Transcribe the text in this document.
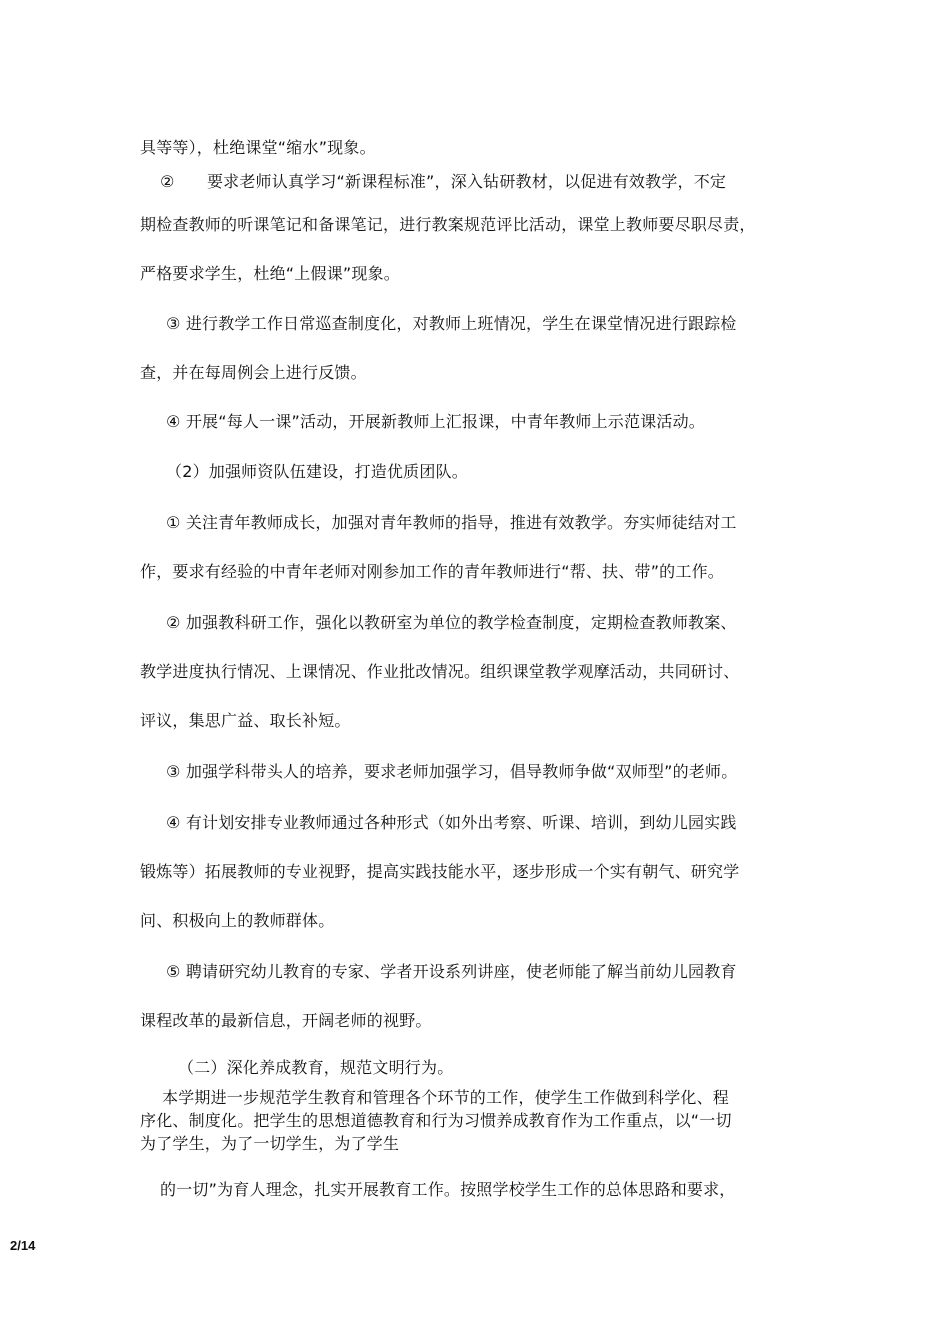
具等等），杜绝课堂“缩水”现象。

②　　要求老师认真学习“新课程标准”，深入钻研教材，以促进有效教学，不定

期检查教师的听课笔记和备课笔记，进行教案规范评比活动，课堂上教师要尽职尽责，

严格要求学生，杜绝“上假课”现象。

③ 进行教学工作日常巡查制度化，对教师上班情况，学生在课堂情况进行跟踪检

查，并在每周例会上进行反馈。

④ 开展“每人一课”活动，开展新教师上汇报课，中青年教师上示范课活动。

（2）加强师资队伍建设，打造优质团队。

① 关注青年教师成长，加强对青年教师的指导，推进有效教学。夯实师徒结对工

作，要求有经验的中青年老师对刚参加工作的青年教师进行“帮、扶、带”的工作。

② 加强教科研工作，强化以教研室为单位的教学检查制度，定期检查教师教案、

教学进度执行情况、上课情况、作业批改情况。组织课堂教学观摩活动，共同研讨、

评议，集思广益、取长补短。

③ 加强学科带头人的培养，要求老师加强学习，倡导教师争做“双师型”的老师。

④ 有计划安排专业教师通过各种形式（如外出考察、听课、培训，到幼儿园实践

锻炼等）拓展教师的专业视野，提高实践技能水平，逐步形成一个实有朝气、研究学

问、积极向上的教师群体。

⑤ 聘请研究幼儿教育的专家、学者开设系列讲座，使老师能了解当前幼儿园教育

课程改革的最新信息，开阔老师的视野。

（二）深化养成教育，规范文明行为。

本学期进一步规范学生教育和管理各个环节的工作，使学生工作做到科学化、程

序化、制度化。把学生的思想道德教育和行为习惯养成教育作为工作重点，以“一切

为了学生，为了一切学生，为了学生

的一切”为育人理念，扎实开展教育工作。按照学校学生工作的总体思路和要求，

2/14
